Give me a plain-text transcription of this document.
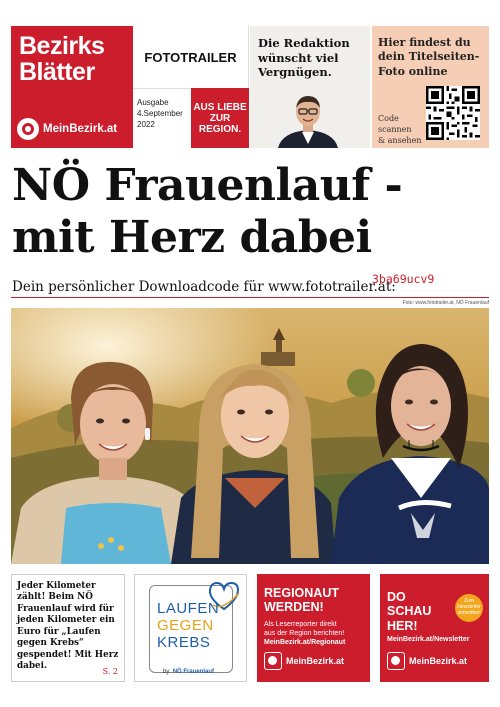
Bezirks
Blätter
MeinBezirk.at
FOTOTRAILER
Ausgabe
4.September
2022
AUS LIEBE
ZUR
REGION.
Die Redaktion wünscht viel Vergnügen.
Hier findest du dein Titelseiten-Foto online
Code
scannen
& ansehen
NÖ Frauenlauf -
mit Herz dabei
Dein persönlicher Downloadcode für www.fototrailer.at:
3ba69ucv9
Foto: www.fototrailer.at, NÖ Frauenlauf
Jeder Kilometer zählt! Beim NÖ Frauenlauf wird für jeden Kilometer ein Euro für „Laufen gegen Krebs“ gespendet! Mit Herz dabei.
S. 2
LAUFEN
GEGEN
KREBS
by NÖ Frauenlauf
REGIONAUT
WERDEN!
Als Leserreporter direkt
aus der Region berichten!
MeinBezirk.at/Regionaut
MeinBezirk.at
DO
SCHAU
HER!
Zum Newsletter anmelden!
MeinBezirk.at/Newsletter
MeinBezirk.at
